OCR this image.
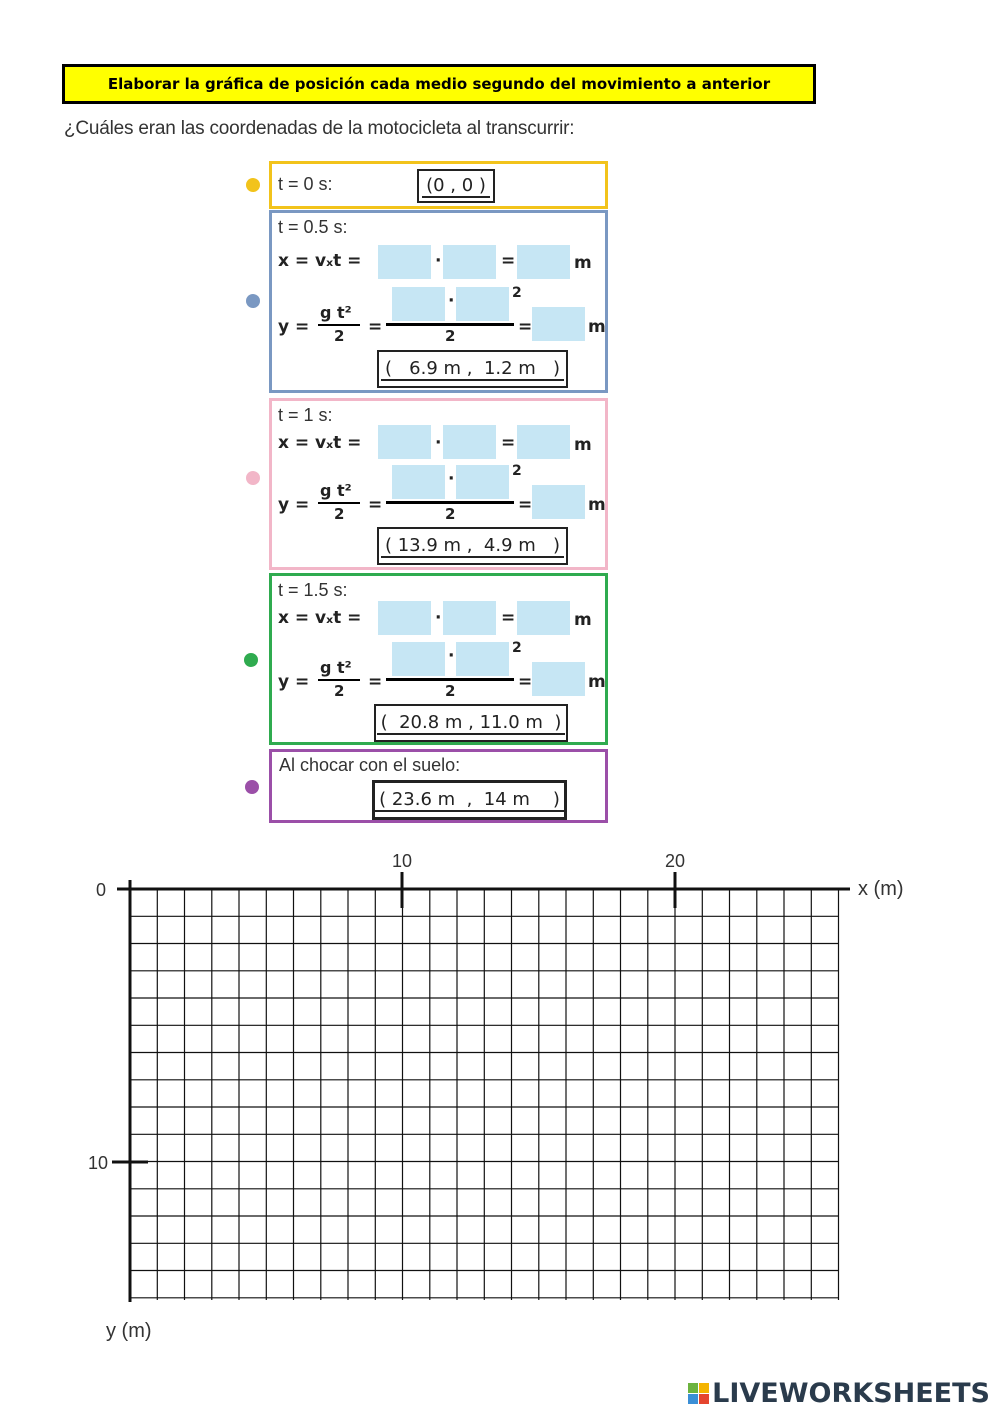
Elaborar la gráfica de posición cada medio segundo del movimiento a anterior
¿Cuáles eran las coordenadas de la motocicleta al transcurrir:
t = 0 s:	(0 , 0 )
t = 0.5 s:
x = vₓt =	·	=	m
y =
g t²
2 =
·	2
2	=	m
(   6.9 m ,  1.2 m   )
t = 1 s:
x = vₓt =	·	=	m
y =
g t²
2 =
·	2
2	=	m
( 13.9 m ,  4.9 m   )
t = 1.5 s:
x = vₓt =	·	=	m
y =
g t²
2 =
·	2
2	=	m
(  20.8 m , 11.0 m  )
Al chocar con el suelo:
( 23.6 m  ,  14 m    )
10	20
0
10
x (m)
y (m)
LIVEWORKSHEETS
